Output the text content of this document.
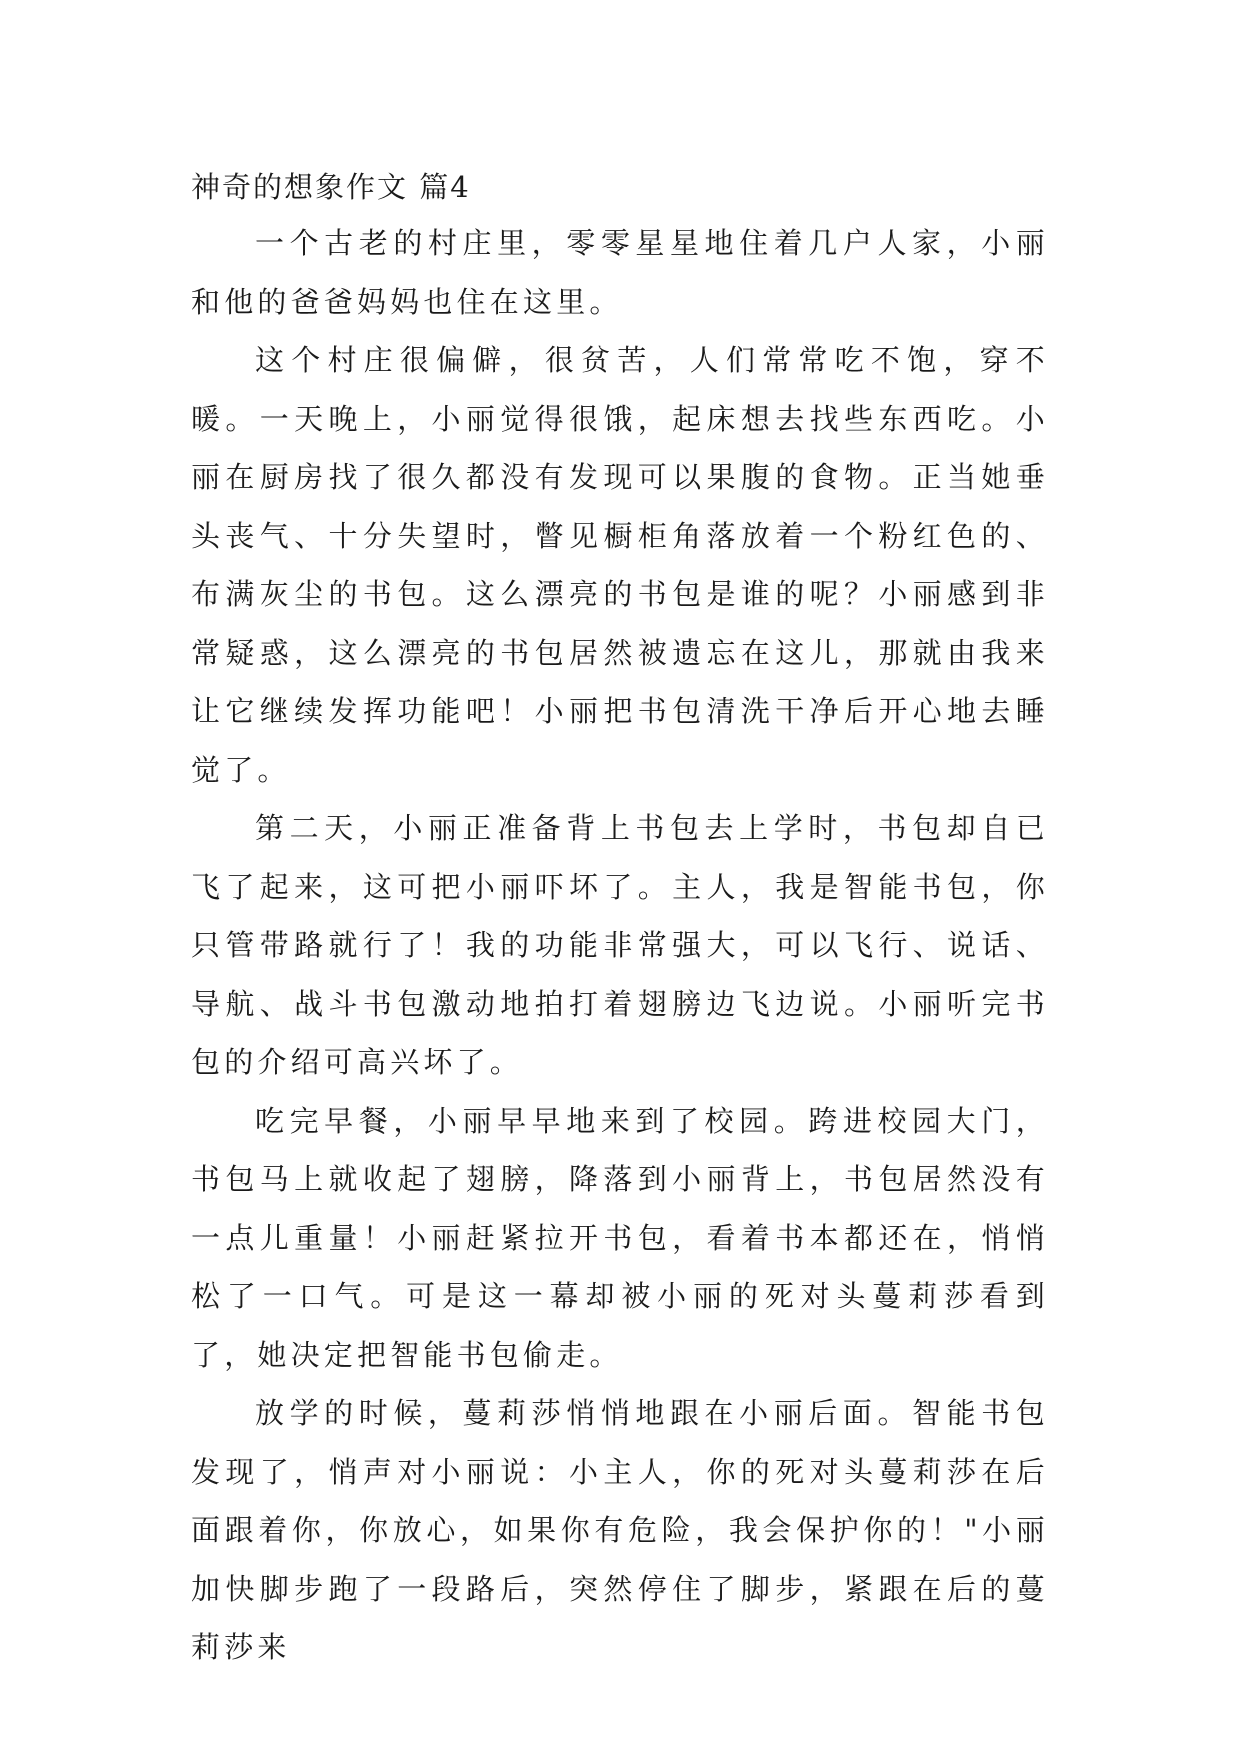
神奇的想象作文 篇4

一个古老的村庄里，零零星星地住着几户人家，小丽和他的爸爸妈妈也住在这里。

这个村庄很偏僻，很贫苦，人们常常吃不饱，穿不暖。一天晚上，小丽觉得很饿，起床想去找些东西吃。小丽在厨房找了很久都没有发现可以果腹的食物。正当她垂头丧气、十分失望时，瞥见橱柜角落放着一个粉红色的、布满灰尘的书包。这么漂亮的书包是谁的呢？小丽感到非常疑惑，这么漂亮的书包居然被遗忘在这儿，那就由我来让它继续发挥功能吧！小丽把书包清洗干净后开心地去睡觉了。

第二天，小丽正准备背上书包去上学时，书包却自已飞了起来，这可把小丽吓坏了。主人，我是智能书包，你只管带路就行了！我的功能非常强大，可以飞行、说话、导航、战斗书包激动地拍打着翅膀边飞边说。小丽听完书包的介绍可高兴坏了。

吃完早餐，小丽早早地来到了校园。跨进校园大门，书包马上就收起了翅膀，降落到小丽背上，书包居然没有一点儿重量！小丽赶紧拉开书包，看着书本都还在，悄悄松了一口气。可是这一幕却被小丽的死对头蔓莉莎看到了，她决定把智能书包偷走。

放学的时候，蔓莉莎悄悄地跟在小丽后面。智能书包发现了，悄声对小丽说：小主人，你的死对头蔓莉莎在后面跟着你，你放心，如果你有危险，我会保护你的！"小丽加快脚步跑了一段路后，突然停住了脚步，紧跟在后的蔓莉莎来
